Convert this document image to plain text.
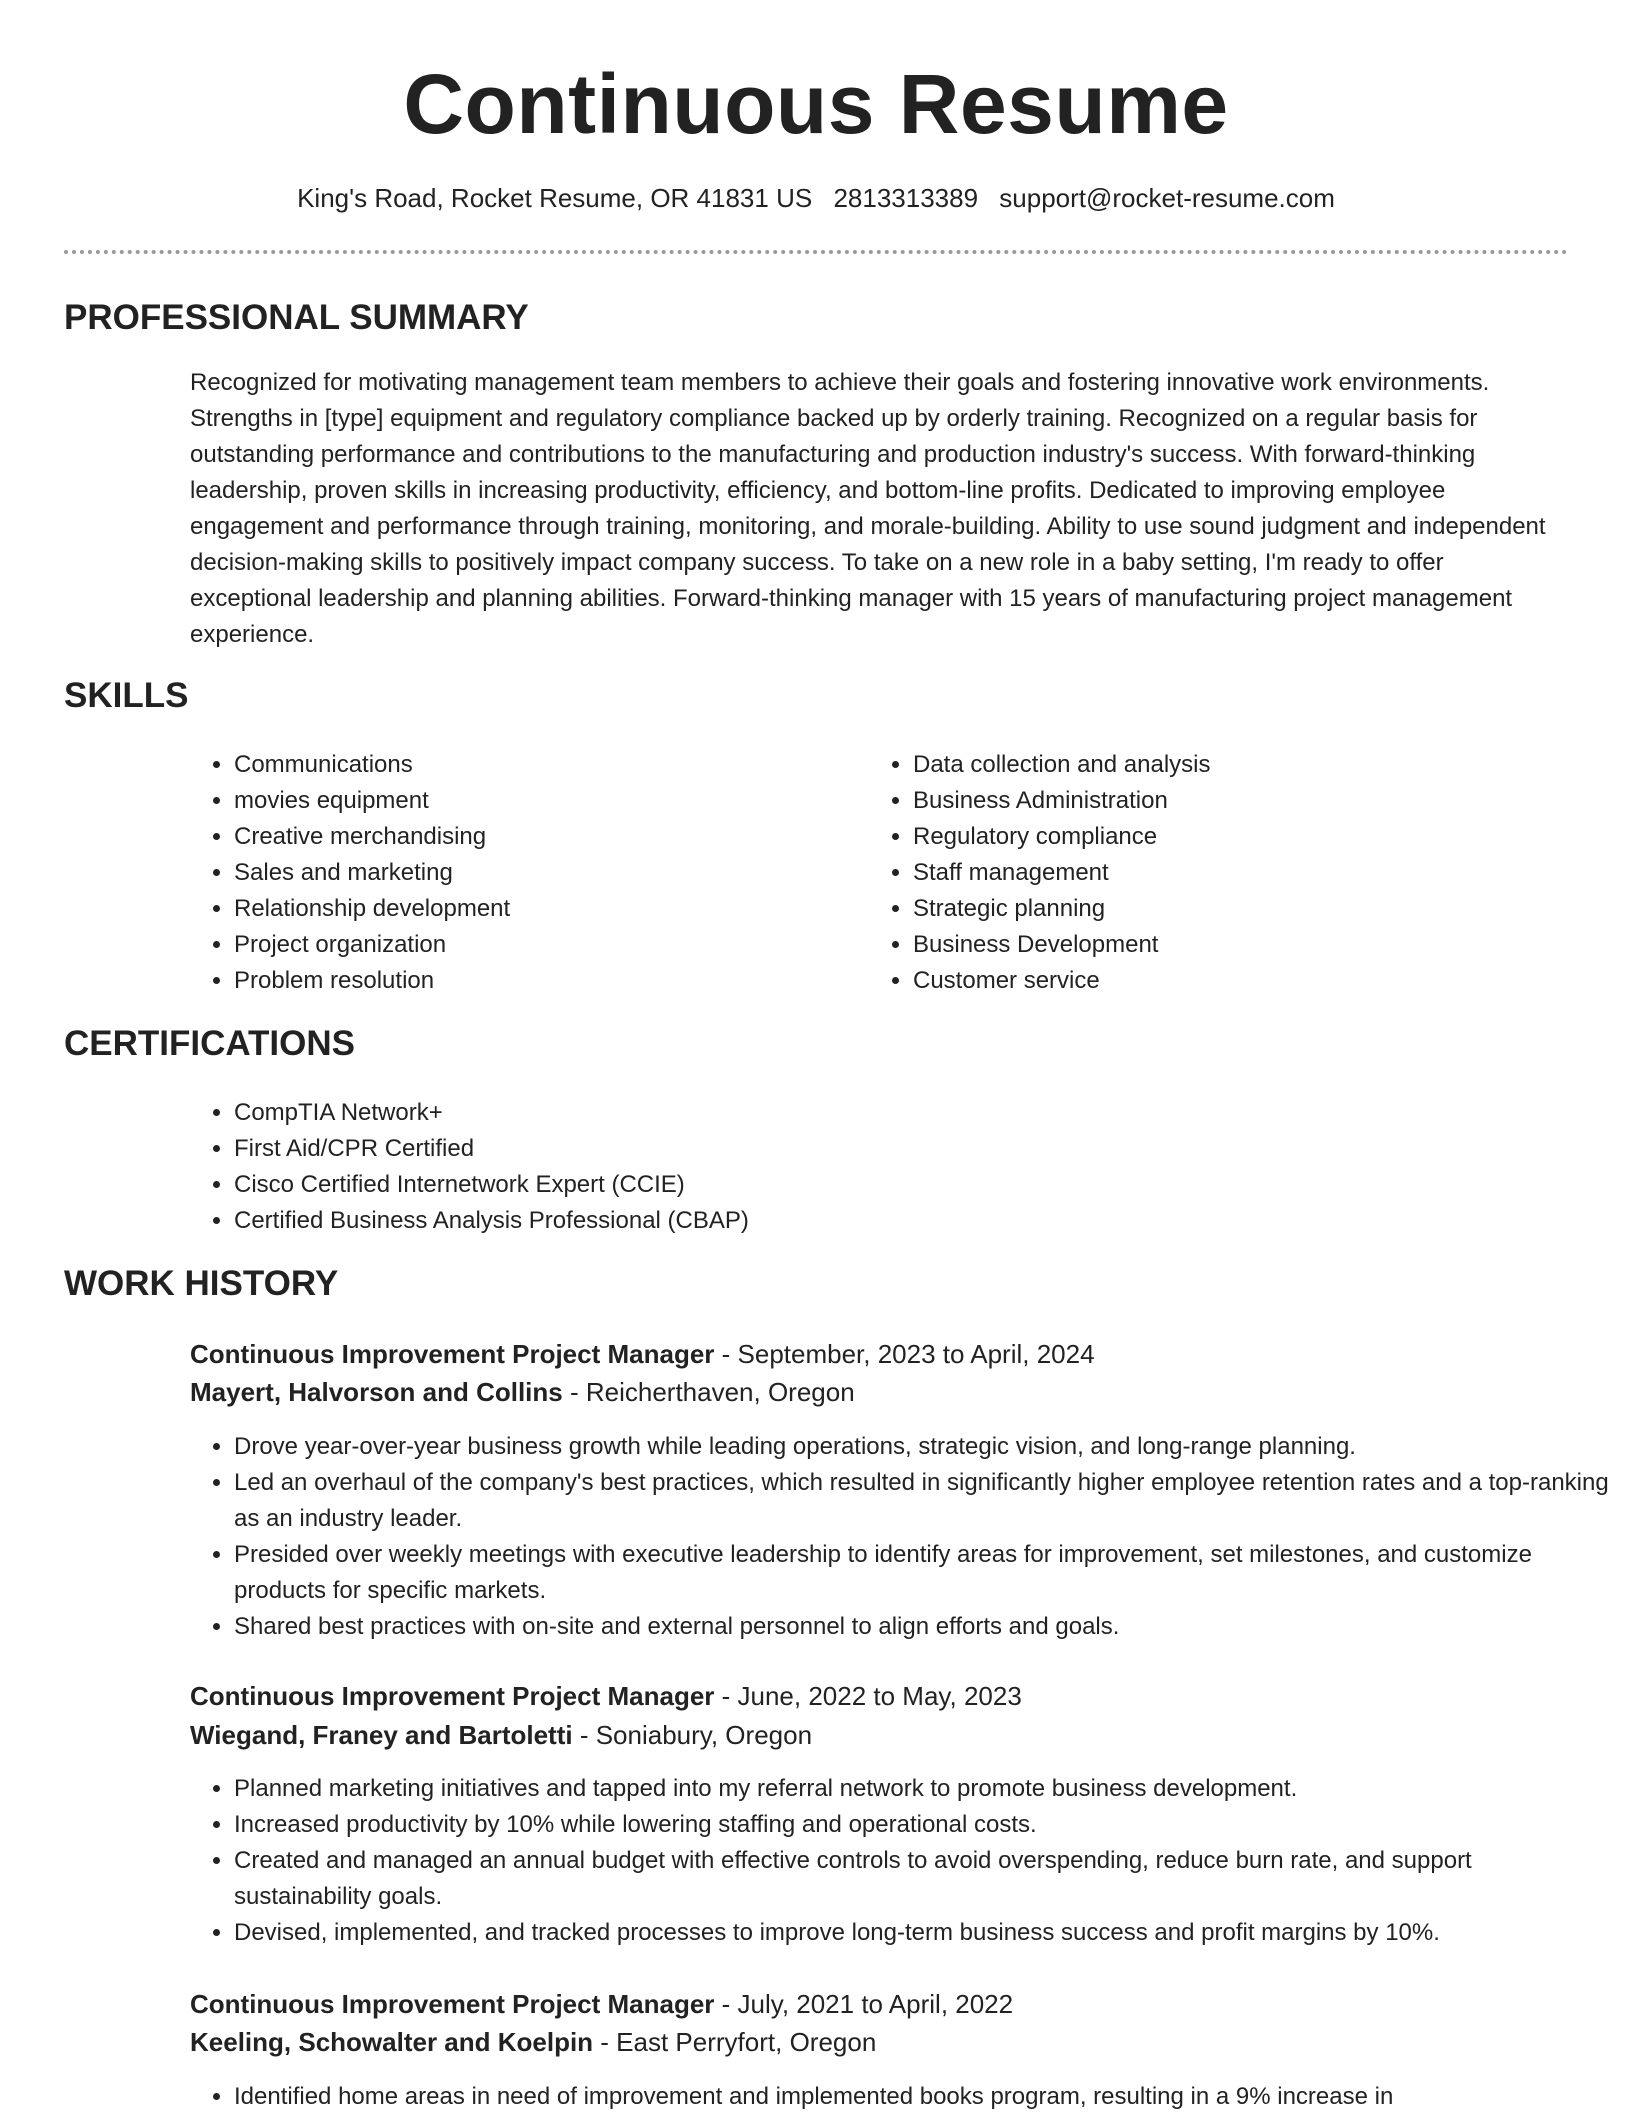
Continuous Resume
King's Road, Rocket Resume, OR 41831 US 2813313389 support@rocket-resume.com
PROFESSIONAL SUMMARY

Recognized for motivating management team members to achieve their goals and fostering innovative work environments. Strengths in [type] equipment and regulatory compliance backed up by orderly training. Recognized on a regular basis for outstanding performance and contributions to the manufacturing and production industry's success. With forward-thinking leadership, proven skills in increasing productivity, efficiency, and bottom-line profits. Dedicated to improving employee engagement and performance through training, monitoring, and morale-building. Ability to use sound judgment and independent decision-making skills to positively impact company success. To take on a new role in a baby setting, I'm ready to offer exceptional leadership and planning abilities. Forward-thinking manager with 15 years of manufacturing project management experience.

SKILLS
• Communications
• movies equipment
• Creative merchandising
• Sales and marketing
• Relationship development
• Project organization
• Problem resolution
• Data collection and analysis
• Business Administration
• Regulatory compliance
• Staff management
• Strategic planning
• Business Development
• Customer service
CERTIFICATIONS
• CompTIA Network+
• First Aid/CPR Certified
• Cisco Certified Internetwork Expert (CCIE)
• Certified Business Analysis Professional (CBAP)
WORK HISTORY
Continuous Improvement Project Manager - September, 2023 to April, 2024
Mayert, Halvorson and Collins - Reicherthaven, Oregon
• Drove year-over-year business growth while leading operations, strategic vision, and long-range planning.
• Led an overhaul of the company's best practices, which resulted in significantly higher employee retention rates and a top-ranking as an industry leader.
• Presided over weekly meetings with executive leadership to identify areas for improvement, set milestones, and customize products for specific markets.
• Shared best practices with on-site and external personnel to align efforts and goals.
Continuous Improvement Project Manager - June, 2022 to May, 2023
Wiegand, Franey and Bartoletti - Soniabury, Oregon
• Planned marketing initiatives and tapped into my referral network to promote business development.
• Increased productivity by 10% while lowering staffing and operational costs.
• Created and managed an annual budget with effective controls to avoid overspending, reduce burn rate, and support sustainability goals.
• Devised, implemented, and tracked processes to improve long-term business success and profit margins by 10%.
Continuous Improvement Project Manager - July, 2021 to April, 2022
Keeling, Schowalter and Koelpin - East Perryfort, Oregon
• Identified home areas in need of improvement and implemented books program, resulting in a 9% increase in
